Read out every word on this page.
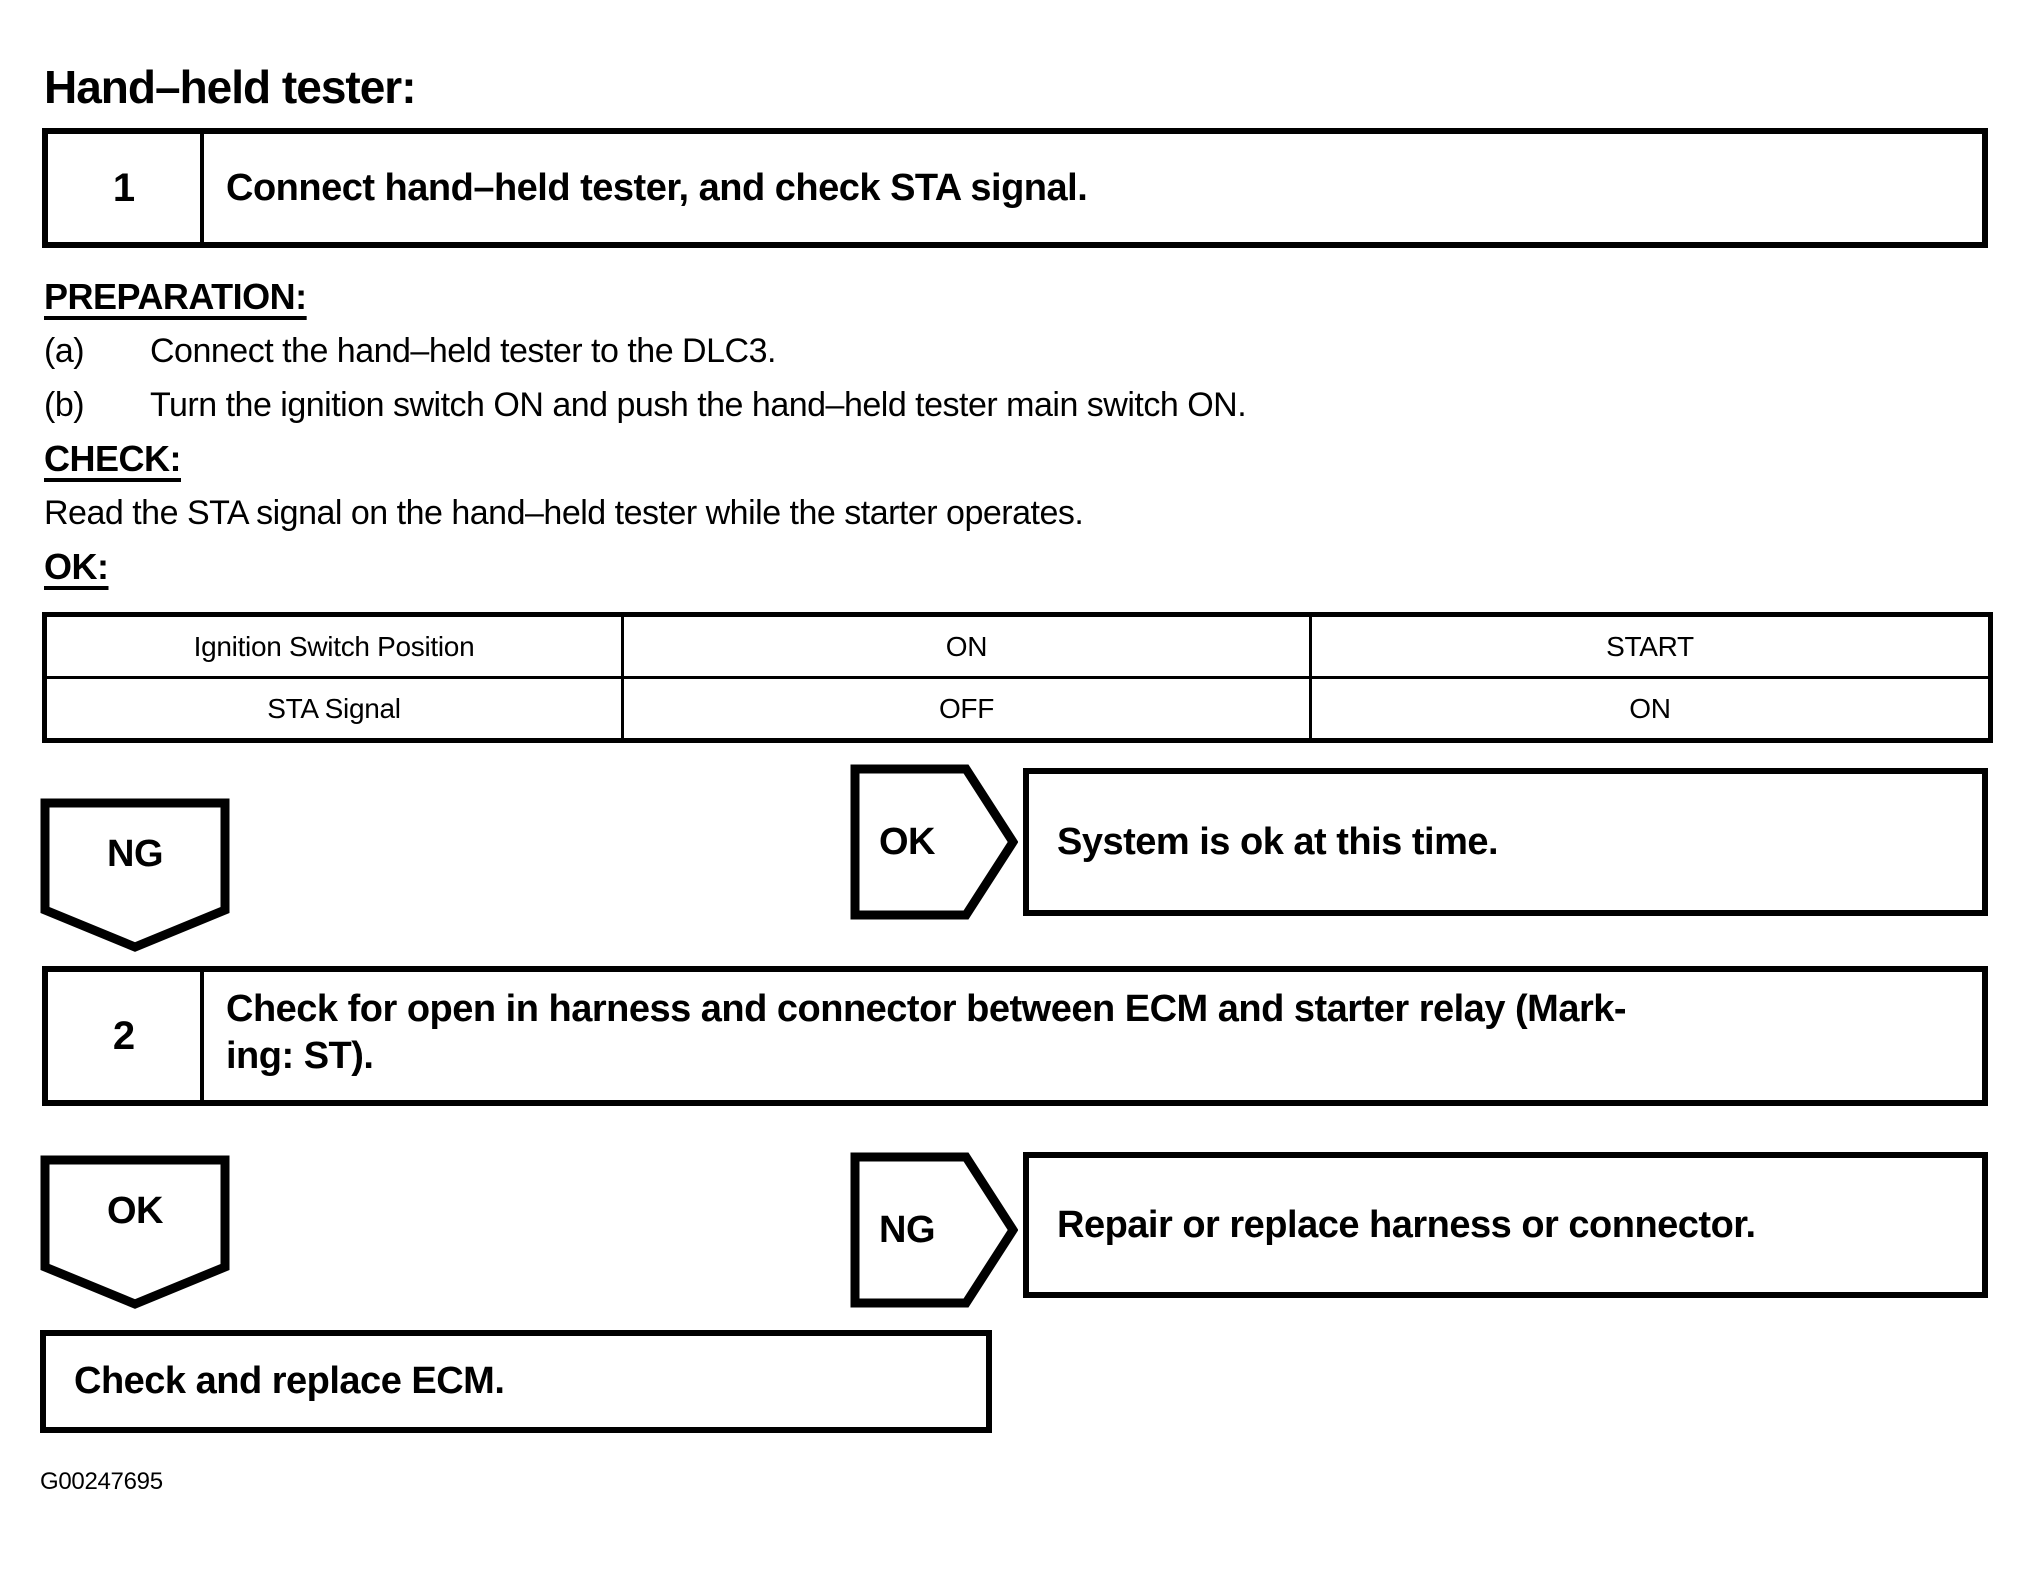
Hand–held tester:
1	Connect hand–held tester, and check STA signal.
PREPARATION:
(a) Connect the hand–held tester to the DLC3.
(b) Turn the ignition switch ON and push the hand–held tester main switch ON.
CHECK:
Read the STA signal on the hand–held tester while the starter operates.
OK:
Ignition Switch Position	ON	START
STA Signal	OFF	ON
NG	OK	System is ok at this time.
2
Check for open in harness and connector between ECM and starter relay (Mark-
ing: ST).
OK	NG	Repair or replace harness or connector.
Check and replace ECM.
G00247695
